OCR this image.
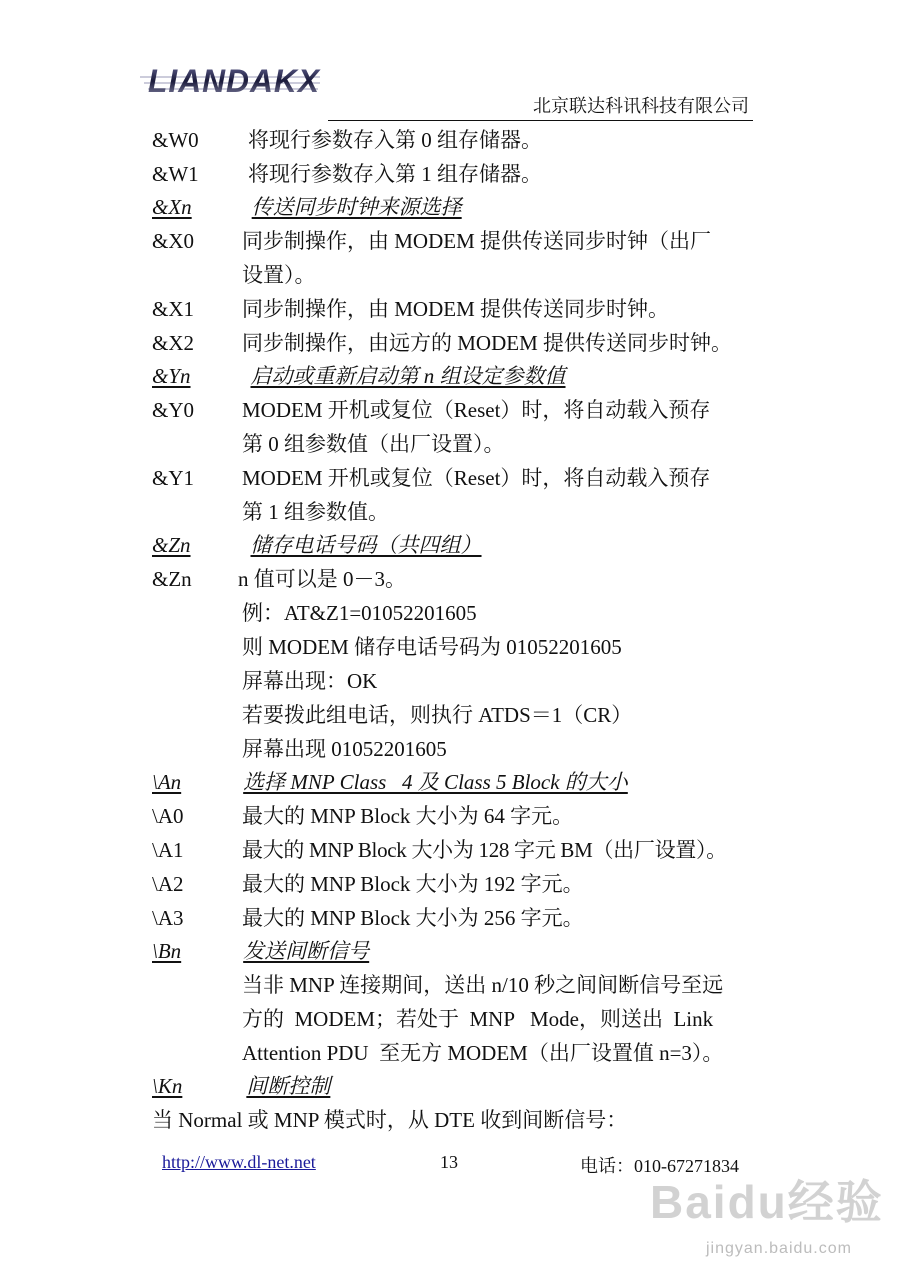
LIANDAKX
北京联达科讯科技有限公司
&W0 将现行参数存入第 0 组存储器。
&W1 将现行参数存入第 1 组存储器。
&Xn	传送同步时钟来源选择
&X0 同步制操作，由 MODEM 提供传送同步时钟（出厂
设置）。
&X1 同步制操作，由 MODEM 提供传送同步时钟。
&X2 同步制操作，由远方的 MODEM 提供传送同步时钟。
&Yn	启动或重新启动第 n 组设定参数值
&Y0 MODEM 开机或复位（Reset）时，将自动载入预存
第 0 组参数值（出厂设置）。
&Y1 MODEM 开机或复位（Reset）时，将自动载入预存
第 1 组参数值。
&Zn	储存电话号码（共四组）
&Zn n 值可以是 0－3。
例：AT&Z1=01052201605
则 MODEM 储存电话号码为 01052201605
屏幕出现：OK
若要拨此组电话，则执行 ATDS＝1（CR）
屏幕出现 01052201605
\An	选择 MNP Class   4 及 Class 5 Block 的大小
\A0	最大的 MNP Block 大小为 64 字元。
\A1	最大的 MNP Block 大小为 128 字元 BM（出厂设置）。
\A2	最大的 MNP Block 大小为 192 字元。
\A3	最大的 MNP Block 大小为 256 字元。
\Bn	发送间断信号
当非 MNP 连接期间，送出 n/10 秒之间间断信号至远
方的  MODEM；若处于  MNP   Mode，则送出  Link
Attention PDU  至无方 MODEM（出厂设置值 n=3）。
\Kn	间断控制
当 Normal 或 MNP 模式时，从 DTE 收到间断信号：
http://www.dl-net.net	13	电话：010-67271834
Baidu经验
jingyan.baidu.com
